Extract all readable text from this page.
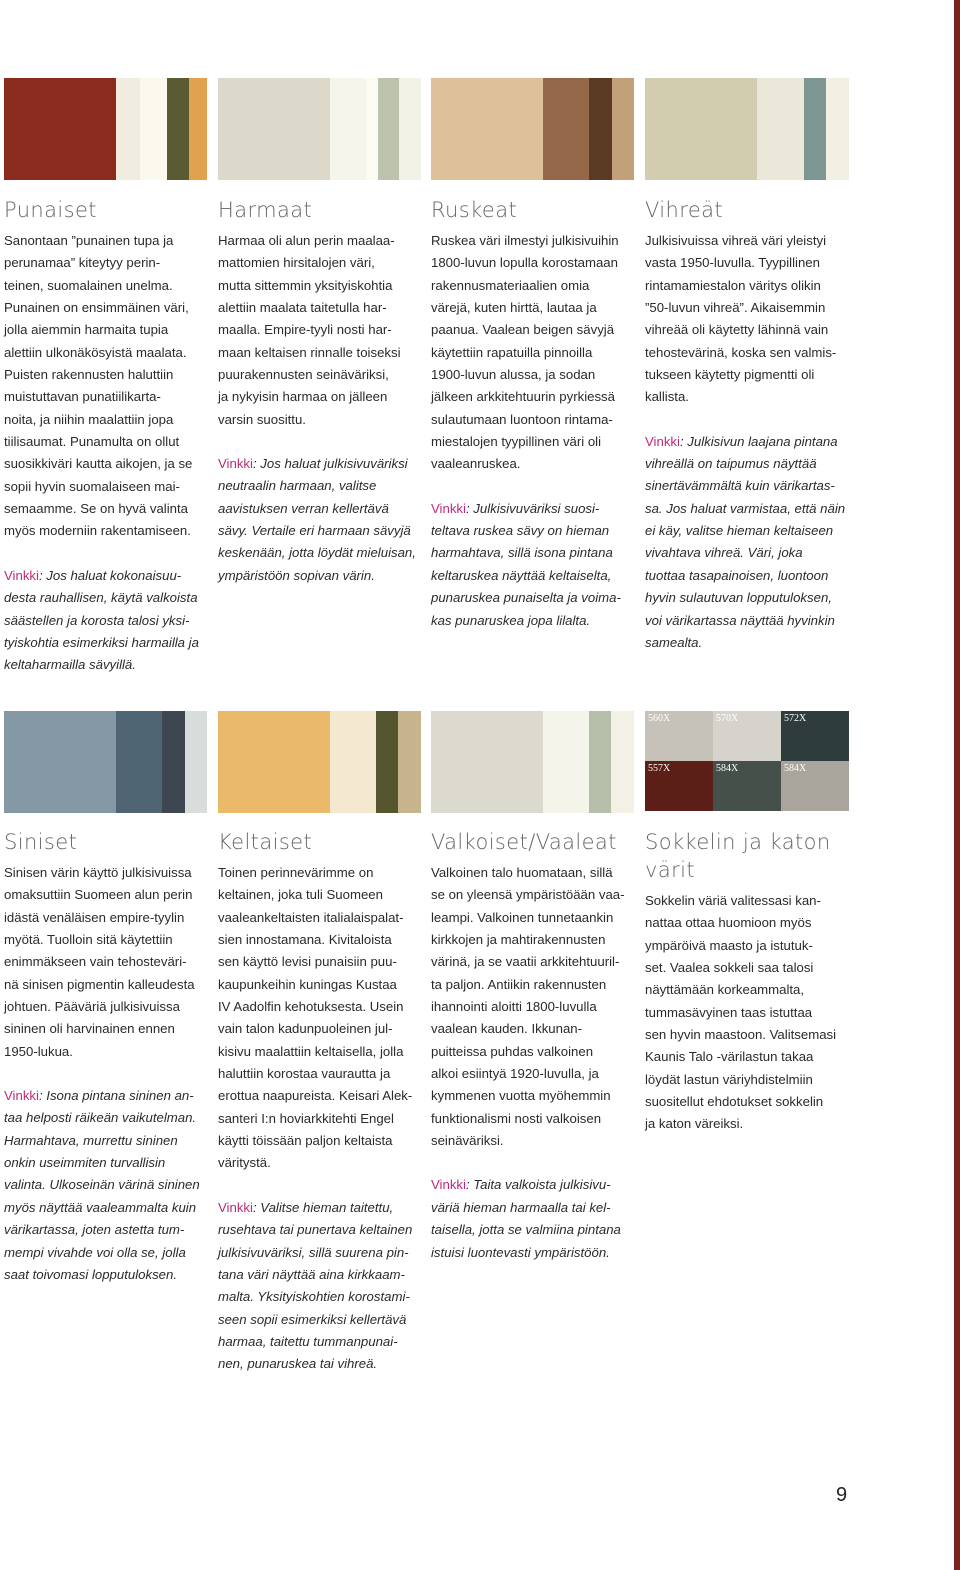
Punaiset

Sanontaan ”punainen tupa ja
perunamaa” kiteytyy perin-
teinen, suomalainen unelma.
Punainen on ensimmäinen väri,
jolla aiemmin harmaita tupia
alettiin ulkonäkösyistä maalata.
Puisten rakennusten haluttiin
muistuttavan punatiilikarta-
noita, ja niihin maalattiin jopa
tiilisaumat. Punamulta on ollut
suosikkiväri kautta aikojen, ja se
sopii hyvin suomalaiseen mai-
semaamme. Se on hyvä valinta
myös moderniin rakentamiseen.

Vinkki: Jos haluat kokonaisuu-
desta rauhallisen, käytä valkoista
säästellen ja korosta talosi yksi-
tyiskohtia esimerkiksi harmailla ja
keltaharmailla sävyillä.

Harmaat

Harmaa oli alun perin maalaa-
mattomien hirsitalojen väri,
mutta sittemmin yksityiskohtia
alettiin maalata taitetulla har-
maalla. Empire-tyyli nosti har-
maan keltaisen rinnalle toiseksi
puurakennusten seinäväriksi,
ja nykyisin harmaa on jälleen
varsin suosittu.

Vinkki: Jos haluat julkisivuväriksi
neutraalin harmaan, valitse
aavistuksen verran kellertävä
sävy. Vertaile eri harmaan sävyjä
keskenään, jotta löydät mieluisan,
ympäristöön sopivan värin.

Ruskeat

Ruskea väri ilmestyi julkisivuihin
1800-luvun lopulla korostamaan
rakennusmateriaalien omia
värejä, kuten hirttä, lautaa ja
paanua. Vaalean beigen sävyjä
käytettiin rapatuilla pinnoilla
1900-luvun alussa, ja sodan
jälkeen arkkitehtuurin pyrkiessä
sulautumaan luontoon rintama-
miestalojen tyypillinen väri oli
vaaleanruskea.

Vinkki: Julkisivuväriksi suosi-
teltava ruskea sävy on hieman
harmahtava, sillä isona pintana
keltaruskea näyttää keltaiselta,
punaruskea punaiselta ja voima-
kas punaruskea jopa lilalta.

Vihreät

Julkisivuissa vihreä väri yleistyi
vasta 1950-luvulla. Tyypillinen
rintamamiestalon väritys olikin
”50-luvun vihreä”. Aikaisemmin
vihreää oli käytetty lähinnä vain
tehostevärinä, koska sen valmis-
tukseen käytetty pigmentti oli
kallista.

Vinkki: Julkisivun laajana pintana
vihreällä on taipumus näyttää
sinertävämmältä kuin värikartas-
sa. Jos haluat varmistaa, että näin
ei käy, valitse hieman keltaiseen
vivahtava vihreä. Väri, joka
tuottaa tasapainoisen, luontoon
hyvin sulautuvan lopputuloksen,
voi värikartassa näyttää hyvinkin
samealta.

560X	570X	572X
557X	584X	584X
Siniset

Sinisen värin käyttö julkisivuissa
omaksuttiin Suomeen alun perin
idästä venäläisen empire-tyylin
myötä. Tuolloin sitä käytettiin
enimmäkseen vain tehosteväri-
nä sinisen pigmentin kalleudesta
johtuen. Pääväriä julkisivuissa
sininen oli harvinainen ennen
1950-lukua.

Vinkki: Isona pintana sininen an-
taa helposti räikeän vaikutelman.
Harmahtava, murrettu sininen
onkin useimmiten turvallisin
valinta. Ulkoseinän värinä sininen
myös näyttää vaaleammalta kuin
värikartassa, joten astetta tum-
mempi vivahde voi olla se, jolla
saat toivomasi lopputuloksen.

Keltaiset

Toinen perinnevärimme on
keltainen, joka tuli Suomeen
vaaleankeltaisten italialaispalat-
sien innostamana. Kivitaloista
sen käyttö levisi punaisiin puu-
kaupunkeihin kuningas Kustaa
IV Aadolfin kehotuksesta. Usein
vain talon kadunpuoleinen jul-
kisivu maalattiin keltaisella, jolla
haluttiin korostaa vaurautta ja
erottua naapureista. Keisari Alek-
santeri I:n hoviarkkitehti Engel
käytti töissään paljon keltaista
väritystä.

Vinkki: Valitse hieman taitettu,
rusehtava tai punertava keltainen
julkisivuväriksi, sillä suurena pin-
tana väri näyttää aina kirkkaam-
malta. Yksityiskohtien korostami-
seen sopii esimerkiksi kellertävä
harmaa, taitettu tummanpunai-
nen, punaruskea tai vihreä.

Valkoiset/Vaaleat

Valkoinen talo huomataan, sillä
se on yleensä ympäristöään vaa-
leampi. Valkoinen tunnetaankin
kirkkojen ja mahtirakennusten
värinä, ja se vaatii arkkitehtuuril-
ta paljon. Antiikin rakennusten
ihannointi aloitti 1800-luvulla
vaalean kauden. Ikkunan-
puitteissa puhdas valkoinen
alkoi esiintyä 1920-luvulla, ja
kymmenen vuotta myöhemmin
funktionalismi nosti valkoisen
seinäväriksi.

Vinkki: Taita valkoista julkisivu-
väriä hieman harmaalla tai kel-
taisella, jotta se valmiina pintana
istuisi luontevasti ympäristöön.

Sokkelin ja katon
värit

Sokkelin väriä valitessasi kan-
nattaa ottaa huomioon myös
ympäröivä maasto ja istutuk-
set. Vaalea sokkeli saa talosi
näyttämään korkeammalta,
tummasävyinen taas istuttaa
sen hyvin maastoon. Valitsemasi
Kaunis Talo -värilastun takaa
löydät lastun väriyhdistelmiin
suositellut ehdotukset sokkelin
ja katon väreiksi.

9
